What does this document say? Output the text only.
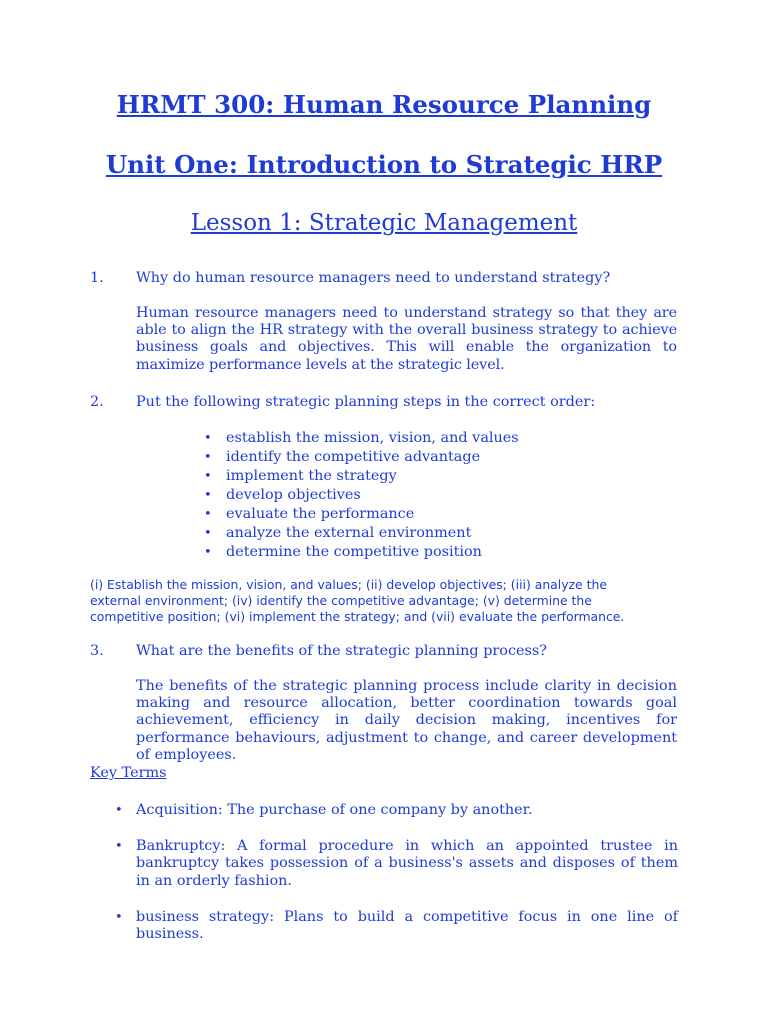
HRMT 300: Human Resource Planning
Unit One: Introduction to Strategic HRP
Lesson 1: Strategic Management
1. Why do human resource managers need to understand strategy?

Human resource managers need to understand strategy so that they are able to align the HR strategy with the overall business strategy to achieve business goals and objectives. This will enable the organization to maximize performance levels at the strategic level.

2. Put the following strategic planning steps in the correct order:
• establish the mission, vision, and values
• identify the competitive advantage
• implement the strategy
• develop objectives
• evaluate the performance
• analyze the external environment
• determine the competitive position

(i) Establish the mission, vision, and values; (ii) develop objectives; (iii) analyze the external environment; (iv) identify the competitive advantage; (v) determine the competitive position; (vi) implement the strategy; and (vii) evaluate the performance.

3. What are the benefits of the strategic planning process?

The benefits of the strategic planning process include clarity in decision making and resource allocation, better coordination towards goal achievement, efficiency in daily decision making, incentives for performance behaviours, adjustment to change, and career development of employees.

Key Terms

• Acquisition: The purchase of one company by another.
• Bankruptcy: A formal procedure in which an appointed trustee in bankruptcy takes possession of a business's assets and disposes of them in an orderly fashion.
• business strategy: Plans to build a competitive focus in one line of business.
